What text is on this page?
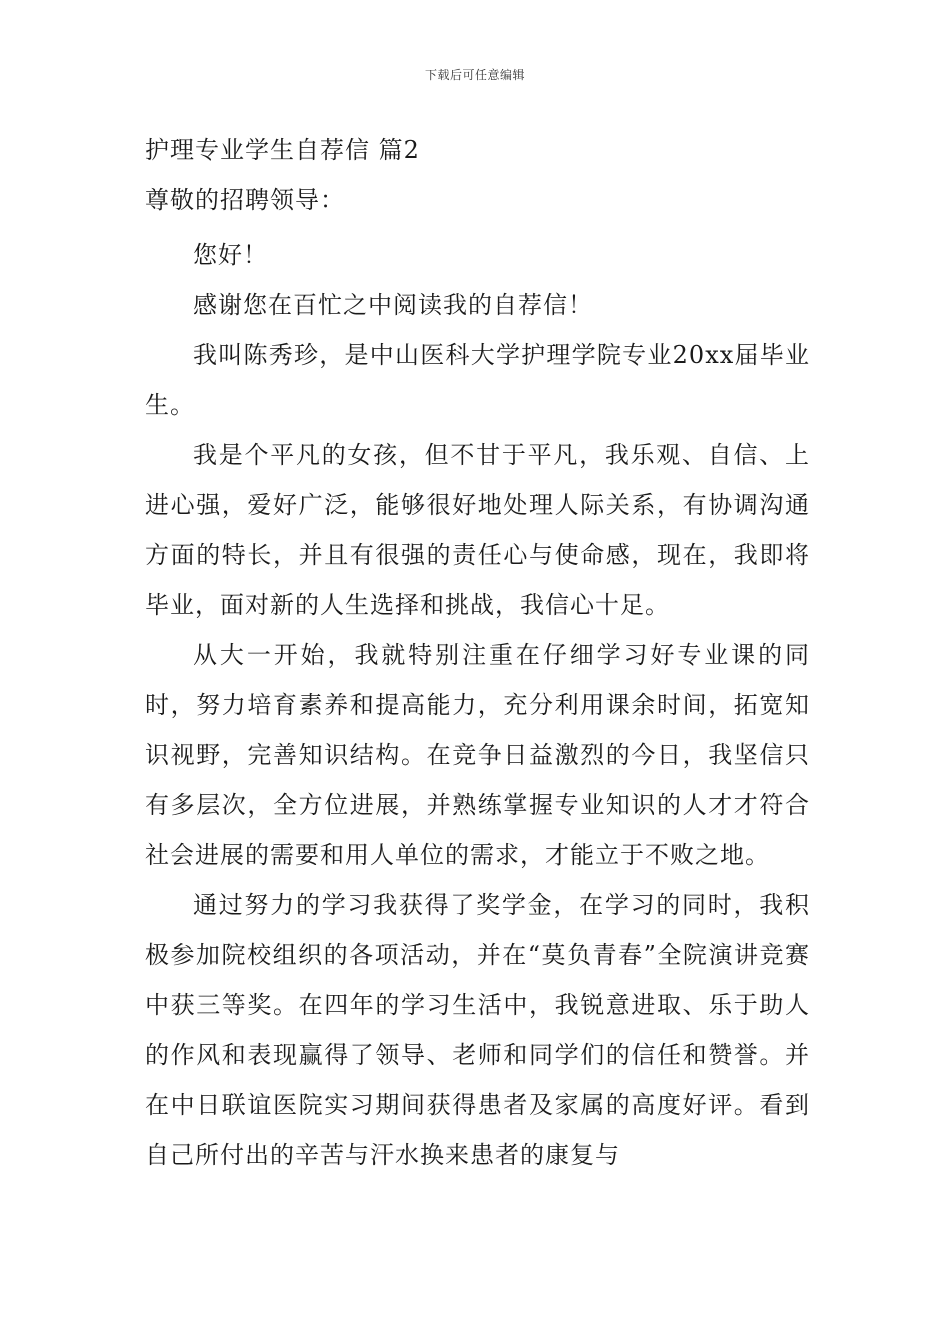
下载后可任意编辑
护理专业学生自荐信 篇2

尊敬的招聘领导：

您好！

感谢您在百忙之中阅读我的自荐信！

我叫陈秀珍，是中山医科大学护理学院专业20xx届毕业生。

我是个平凡的女孩，但不甘于平凡，我乐观、自信、上进心强，爱好广泛，能够很好地处理人际关系，有协调沟通方面的特长，并且有很强的责任心与使命感，现在，我即将毕业，面对新的人生选择和挑战，我信心十足。

从大一开始，我就特别注重在仔细学习好专业课的同时，努力培育素养和提高能力，充分利用课余时间，拓宽知识视野，完善知识结构。在竞争日益激烈的今日，我坚信只有多层次，全方位进展，并熟练掌握专业知识的人才才符合社会进展的需要和用人单位的需求，才能立于不败之地。

通过努力的学习我获得了奖学金，在学习的同时，我积极参加院校组织的各项活动，并在“莫负青春”全院演讲竞赛中获三等奖。在四年的学习生活中，我锐意进取、乐于助人的作风和表现赢得了领导、老师和同学们的信任和赞誉。并在中日联谊医院实习期间获得患者及家属的高度好评。看到自己所付出的辛苦与汗水换来患者的康复与
